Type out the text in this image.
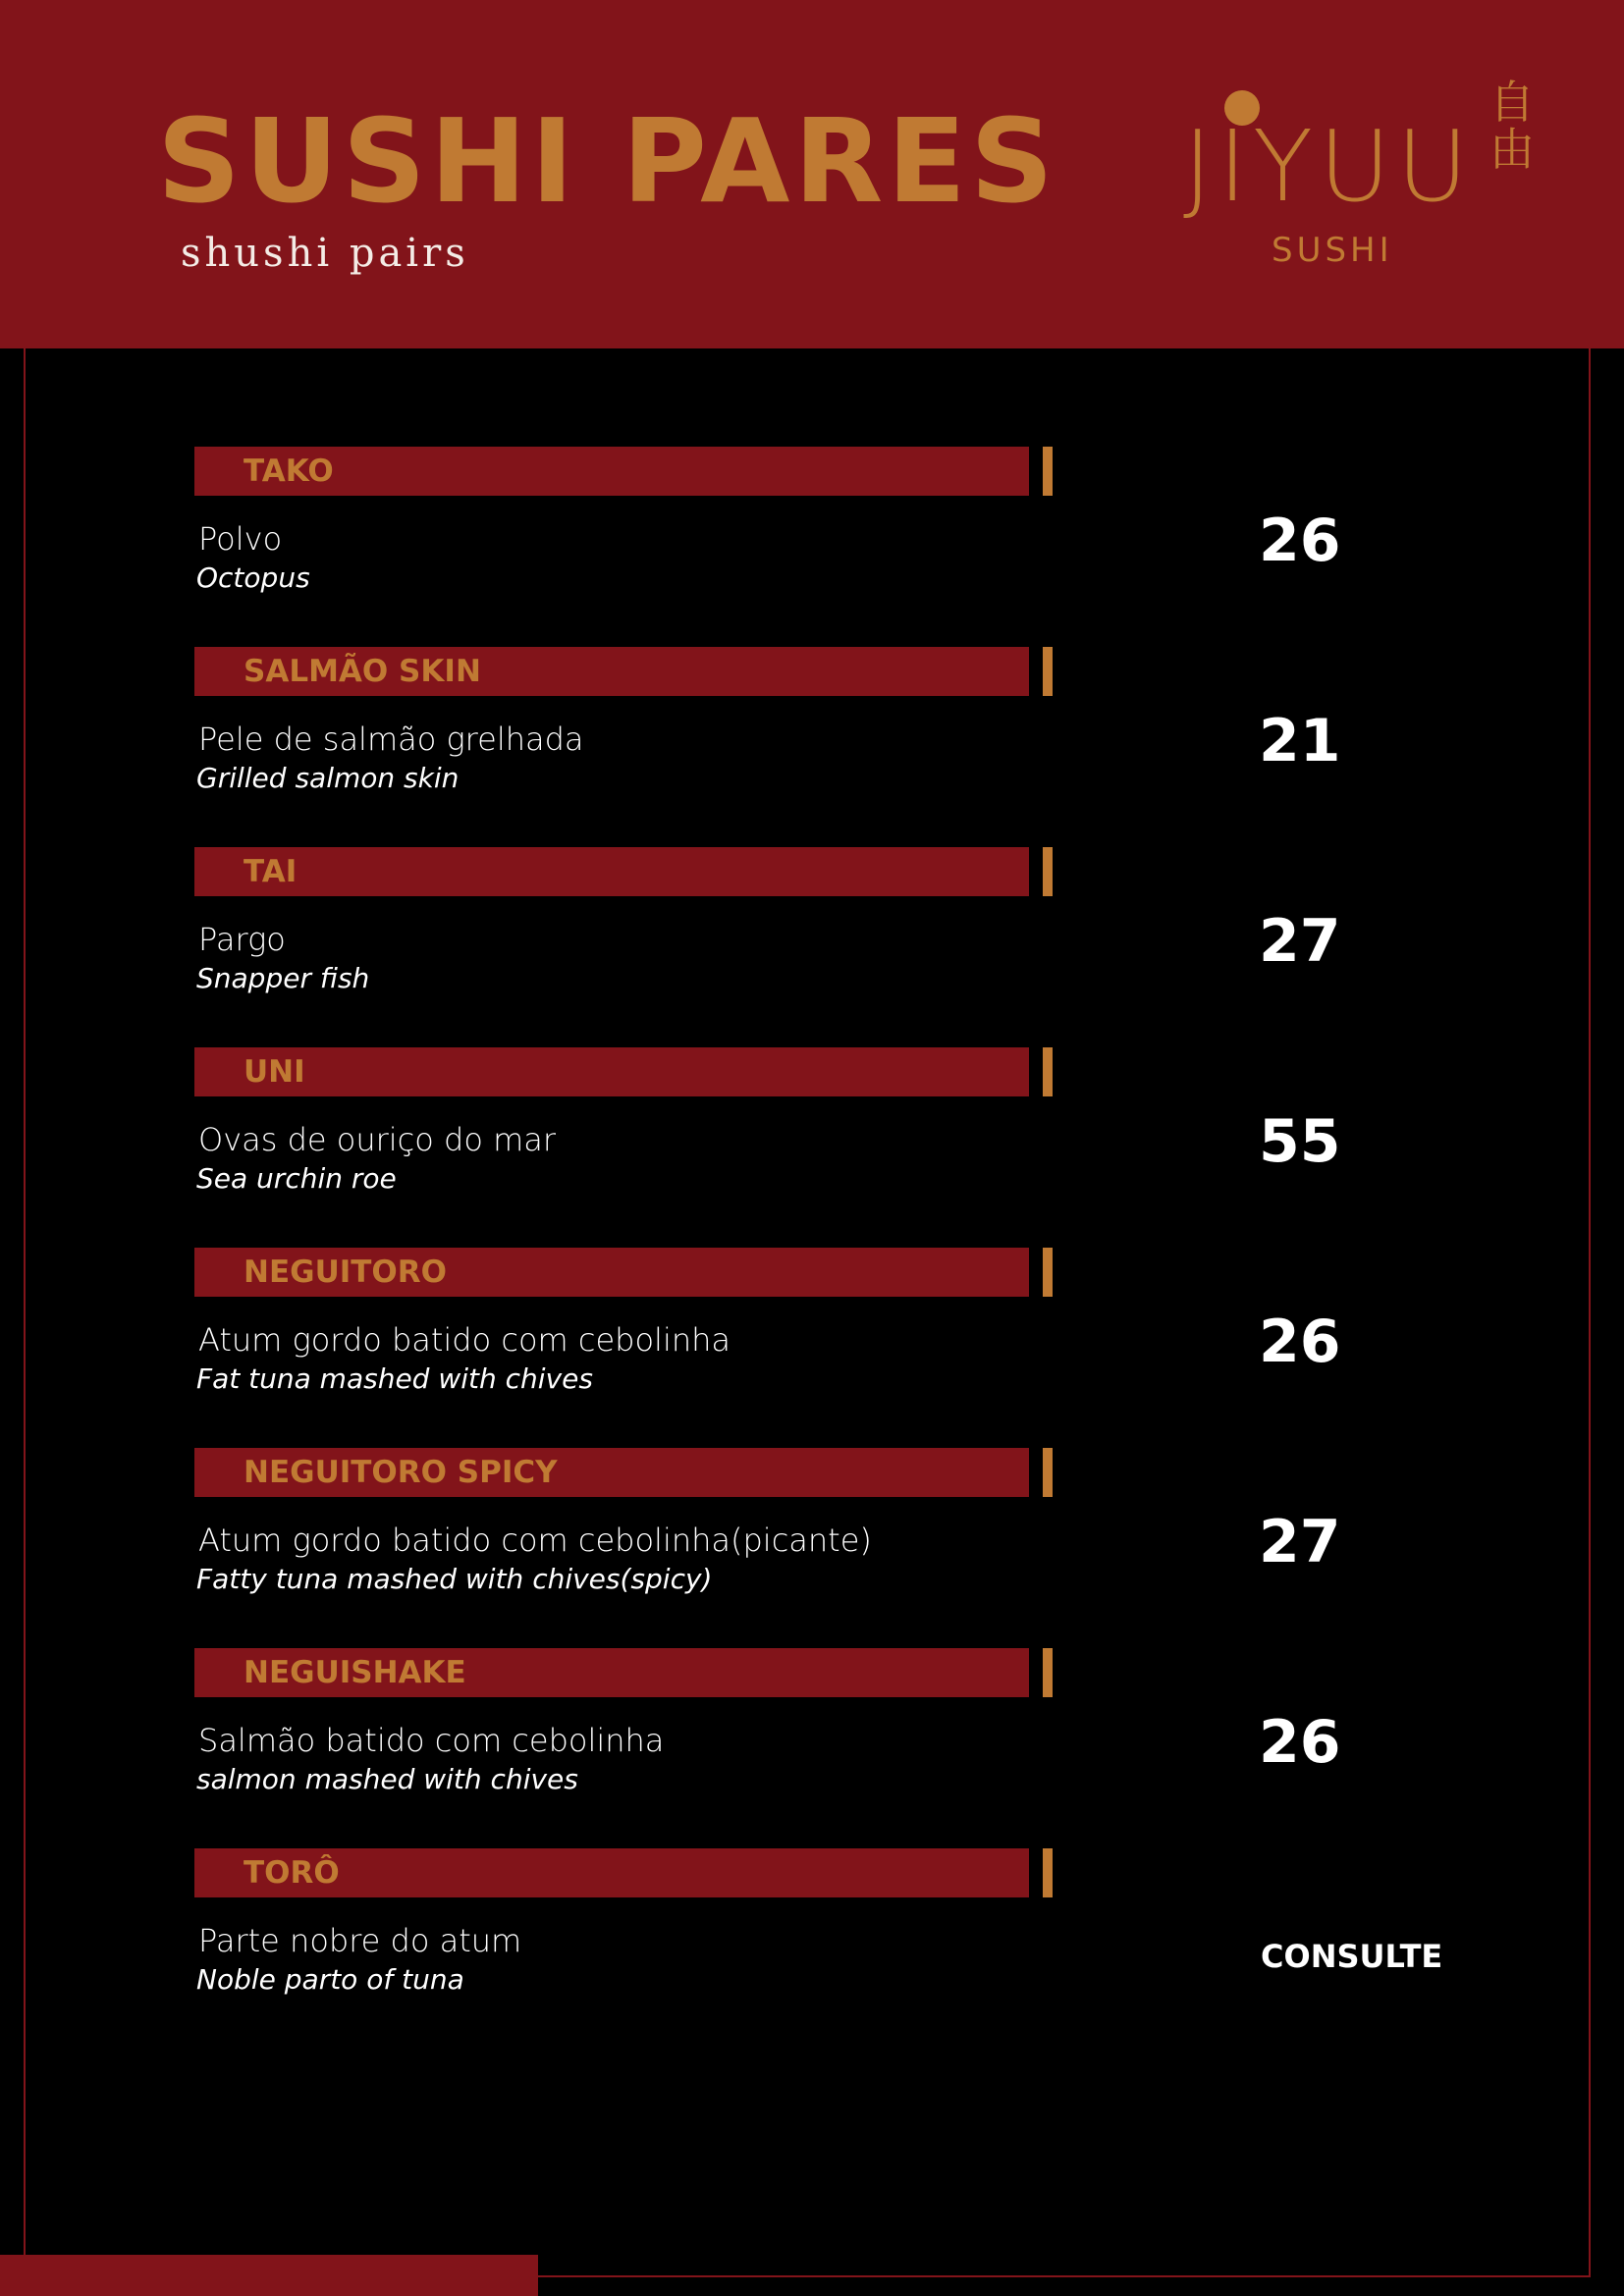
SUSHI PARES
shushi pairs
JIYUU
SUSHI
自由
TAKO
Polvo
Octopus
26
SALMÃO SKIN
Pele de salmão grelhada
Grilled salmon skin
21
TAI
Pargo
Snapper fish
27
UNI
Ovas de ouriço do mar
Sea urchin roe
55
NEGUITORO
Atum gordo batido com cebolinha
Fat tuna mashed with chives
26
NEGUITORO SPICY
Atum gordo batido com cebolinha(picante)
Fatty tuna mashed with chives(spicy)
27
NEGUISHAKE
Salmão batido com cebolinha
salmon mashed with chives
26
TORÔ
Parte nobre do atum
Noble parto of tuna
CONSULTE
